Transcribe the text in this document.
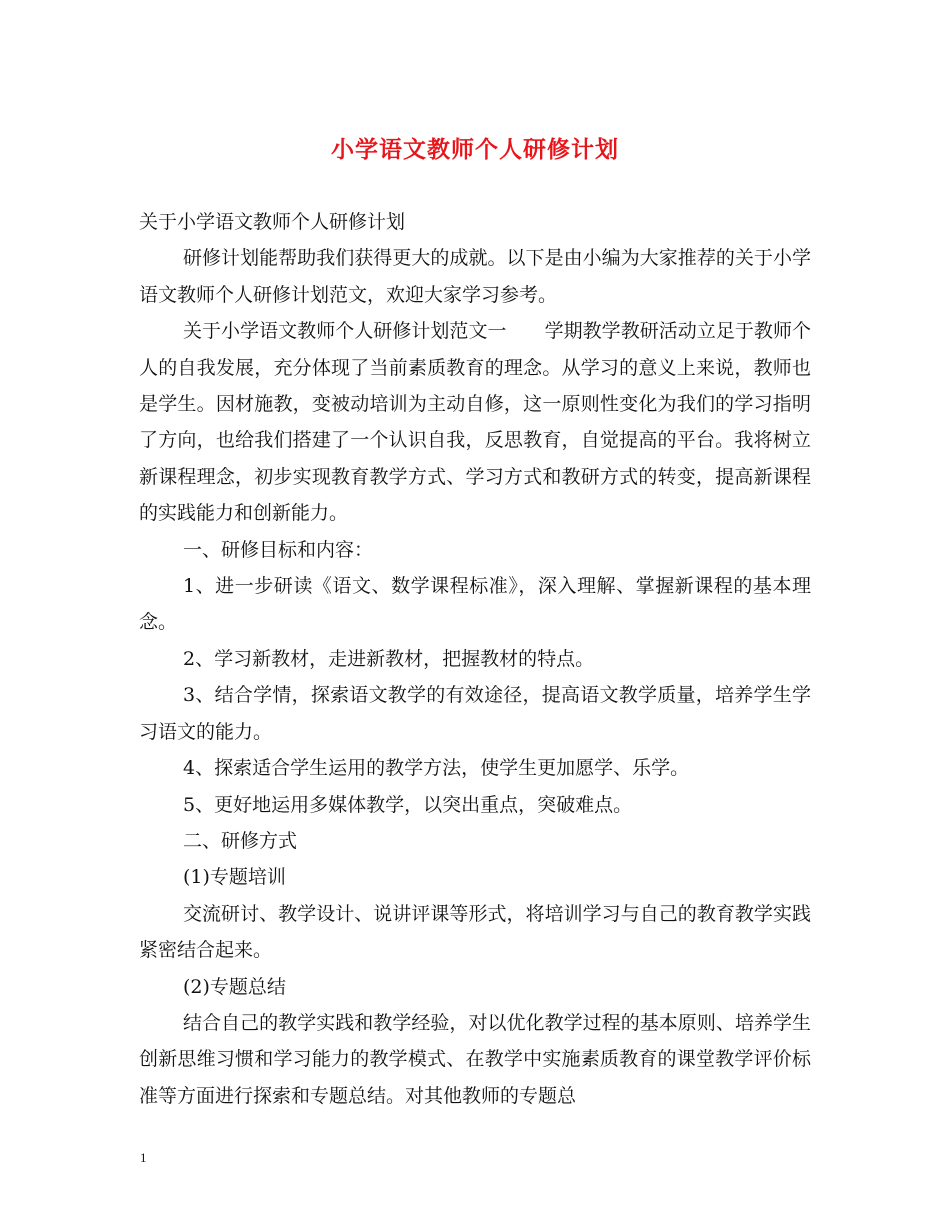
小学语文教师个人研修计划

关于小学语文教师个人研修计划

研修计划能帮助我们获得更大的成就。以下是由小编为大家推荐的关于小学语文教师个人研修计划范文，欢迎大家学习参考。

关于小学语文教师个人研修计划范文一　　学期教学教研活动立足于教师个人的自我发展，充分体现了当前素质教育的理念。从学习的意义上来说，教师也是学生。因材施教，变被动培训为主动自修，这一原则性变化为我们的学习指明了方向，也给我们搭建了一个认识自我，反思教育，自觉提高的平台。我将树立新课程理念，初步实现教育教学方式、学习方式和教研方式的转变，提高新课程的实践能力和创新能力。

一、研修目标和内容：

1、进一步研读《语文、数学课程标准》，深入理解、掌握新课程的基本理念。

2、学习新教材，走进新教材，把握教材的特点。

3、结合学情，探索语文教学的有效途径，提高语文教学质量，培养学生学习语文的能力。

4、探索适合学生运用的教学方法，使学生更加愿学、乐学。

5、更好地运用多媒体教学，以突出重点，突破难点。

二、研修方式

(1)专题培训

交流研讨、教学设计、说讲评课等形式，将培训学习与自己的教育教学实践紧密结合起来。

(2)专题总结

结合自己的教学实践和教学经验，对以优化教学过程的基本原则、培养学生创新思维习惯和学习能力的教学模式、在教学中实施素质教育的课堂教学评价标准等方面进行探索和专题总结。对其他教师的专题总

1
